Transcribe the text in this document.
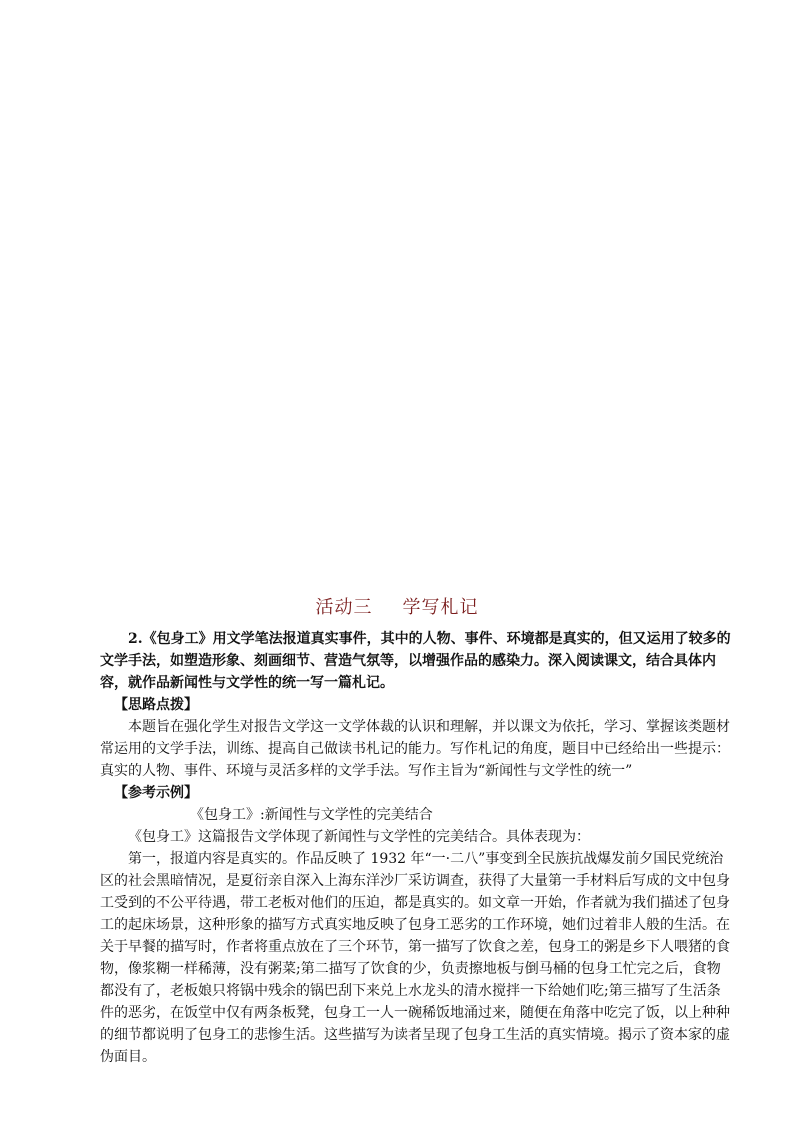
活动三 学写札记

2.《包身工》用文学笔法报道真实事件，其中的人物、事件、环境都是真实的，但又运用了较多的文学手法，如塑造形象、刻画细节、营造气氛等，以增强作品的感染力。深入阅读课文，结合具体内容，就作品新闻性与文学性的统一写一篇札记。

【思路点拨】

本题旨在强化学生对报告文学这一文学体裁的认识和理解，并以课文为依托，学习、掌握该类题材常运用的文学手法，训练、提高自己做读书札记的能力。写作札记的角度，题目中已经给出一些提示：真实的人物、事件、环境与灵活多样的文学手法。写作主旨为“新闻性与文学性的统一”

【参考示例】

《包身工》:新闻性与文学性的完美结合

《包身工》这篇报告文学体现了新闻性与文学性的完美结合。具体表现为：

第一，报道内容是真实的。作品反映了 1932 年“一·二八”事变到全民族抗战爆发前夕国民党统治区的社会黑暗情况，是夏衍亲自深入上海东洋沙厂采访调查，获得了大量第一手材料后写成的文中包身工受到的不公平待遇，带工老板对他们的压迫，都是真实的。如文章一开始，作者就为我们描述了包身工的起床场景，这种形象的描写方式真实地反映了包身工恶劣的工作环境，她们过着非人般的生活。在关于早餐的描写时，作者将重点放在了三个环节，第一描写了饮食之差，包身工的粥是乡下人喂猪的食物，像浆糊一样稀薄，没有粥菜;第二描写了饮食的少，负责擦地板与倒马桶的包身工忙完之后，食物都没有了，老板娘只将锅中残余的锅巴刮下来兑上水龙头的清水搅拌一下给她们吃;第三描写了生活条件的恶劣，在饭堂中仅有两条板凳，包身工一人一碗稀饭地涌过来，随便在角落中吃完了饭，以上种种的细节都说明了包身工的悲惨生活。这些描写为读者呈现了包身工生活的真实情境。揭示了资本家的虚伪面目。
